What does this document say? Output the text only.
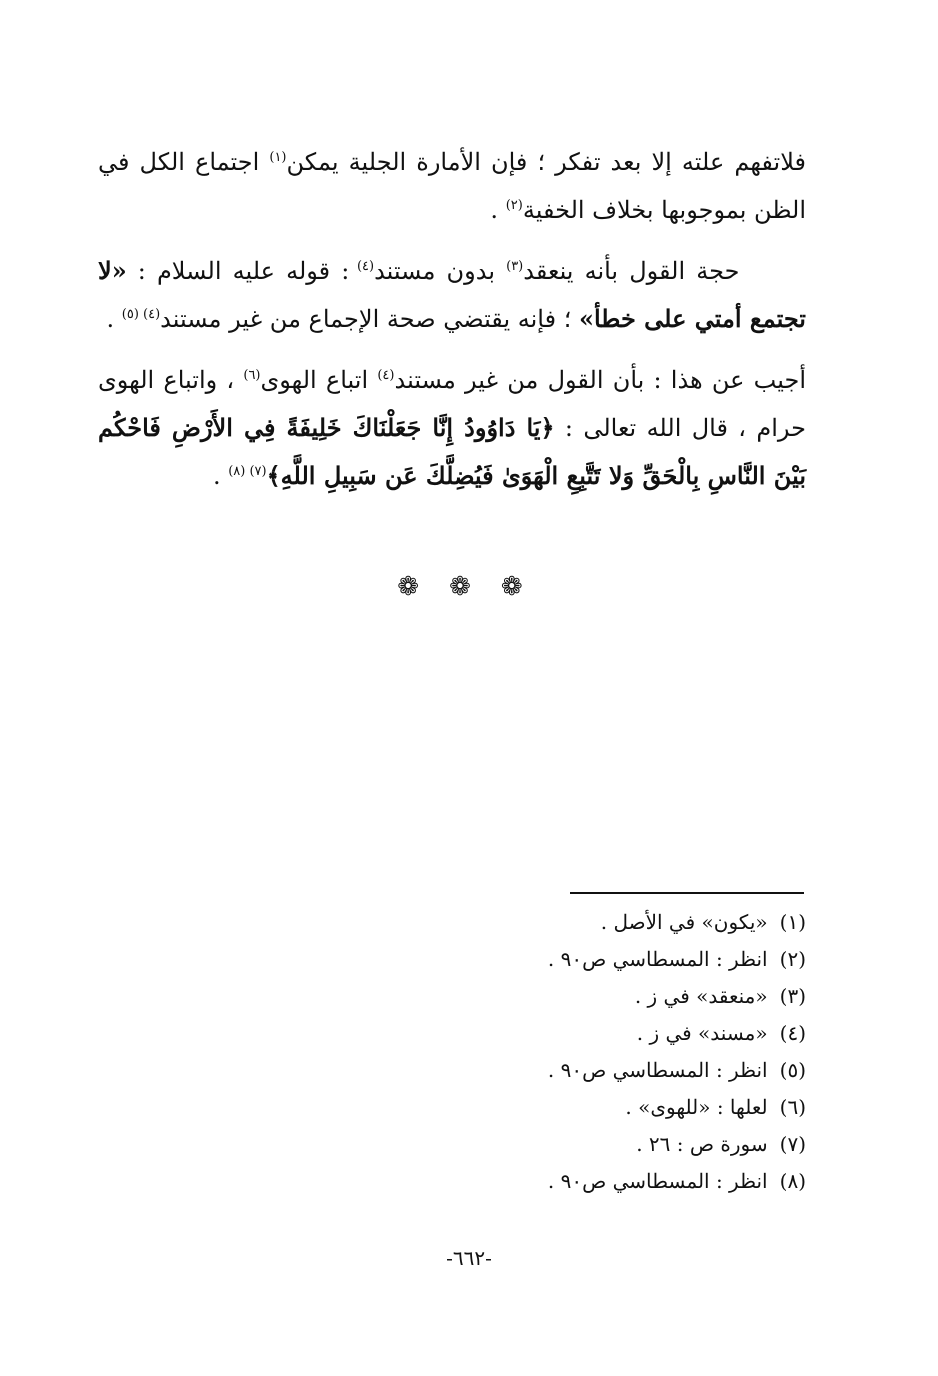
فلاتفهم علته إلا بعد تفكر ؛ فإن الأمارة الجلية يمكن$^{(١)}$ اجتماع الكل في الظن بموجوبها بخلاف الخفية$^{(٢)}$ .

حجة القول بأنه ينعقد$^{(٣)}$ بدون مستند$^{(٤)}$ : قوله عليه السلام : «لا تجتمع أمتي على خطأ» ؛ فإنه يقتضي صحة الإجماع من غير مستند$^{(٤) (٥)}$ .

أجيب عن هذا : بأن القول من غير مستند$^{(٤)}$ اتباع الهوى$^{(٦)}$ ، واتباع الهوى حرام ، قال الله تعالى : ﴿يَا دَاوُودُ إِنَّا جَعَلْنَاكَ خَلِيفَةً فِي الأَرْضِ فَاحْكُم بَيْنَ النَّاسِ بِالْحَقِّ وَلا تَتَّبِعِ الْهَوَىٰ فَيُضِلَّكَ عَن سَبِيلِ اللَّهِ﴾$^{(٧) (٨)}$ .

❁ ❁ ❁
(١)«يكون» في الأصل .
(٢)انظر : المسطاسي ص٩٠ .
(٣)«منعقد» في ز .
(٤)«مسند» في ز .
(٥)انظر : المسطاسي ص٩٠ .
(٦)لعلها : «للهوى» .
(٧)سورة ص : ٢٦ .
(٨)انظر : المسطاسي ص٩٠ .
-٦٦٢-
